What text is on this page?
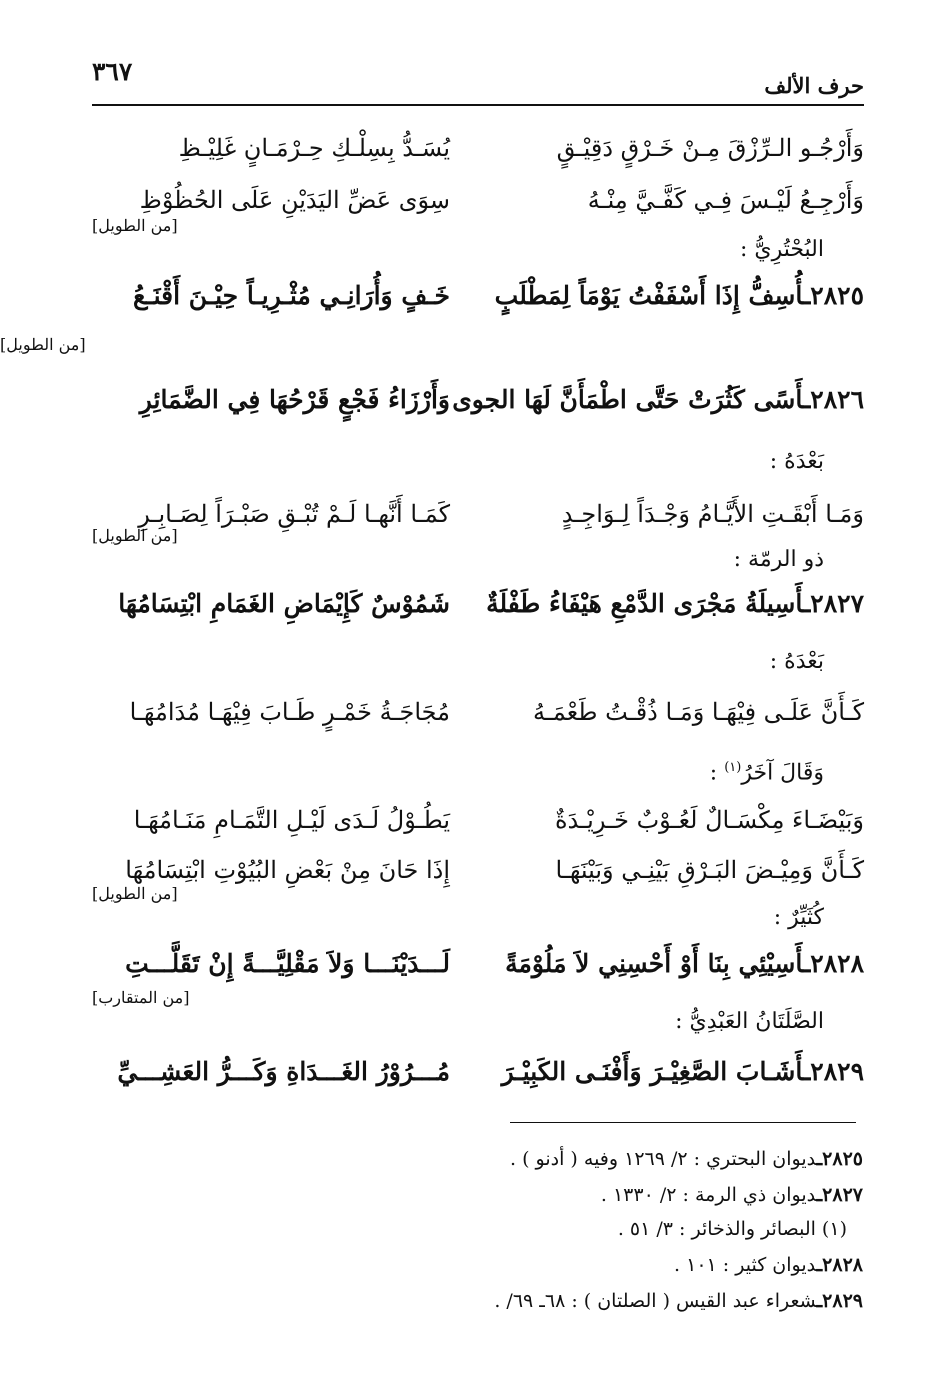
حرف الألف
٣٦٧
وَأَرْجُـو الـرِّزْقَ مِـنْ خَـرْقٍ دَقِيْـقٍ
يُسَـدُّ بِسِلْـكِ حِـرْمَـانٍ غَلِيْـظِ
وَأَرْجِـعُ لَيْـسَ فِـي كَفَّـيَّ مِنْـهُ
سِوَى عَضِّ اليَدَيْنِ عَلَى الحُظُوْظِ
البُحْتُرِيُّ :
[من الطويل]
٢٨٢٥ـأُسِفُّ إِذَا أَسْفَفْتُ يَوْمَاً لِمَطْلَبٍ
خَـفٍ وَأُرَانِـي مُثْـرِيـاً حِيْـنَ أَقْنَـعُ
[من الطويل]
٢٨٢٦ـأَسًى كَثُرَتْ حَتَّى اطْمَأَنَّ لَهَا الجوى
وَأَرْزَاءُ فَجْعٍ قَرْحُهَا فِي الضَّمَائِرِ
بَعْدَهُ :
وَمَـا أَبْقَـتِ الأَيَّـامُ وَجْـدَاً لِـوَاجِـدٍ
كَمَـا أَنَّهـا لَـمْ تُبْـقِ صَبْـرَاً لِصَـابِـرِ
ذو الرمّة :
[من الطويل]
٢٨٢٧ـأَسِيلَةُ مَجْرَى الدَّمْعِ هَيْفَاءُ طَفْلَةٌ
شَمُوْسٌ كَإِيْمَاضِ الغَمَامِ ابْتِسَامُهَا
بَعْدَهُ :
كَـأَنَّ عَلَـى فِيْهَـا وَمَـا ذُقْـتُ طَعْمَـهُ
مُجَاجَـةُ خَمْـرٍ طَـابَ فِيْهَـا مُدَامُهَـا
وَقَالَ آخَرُ$^{(١)}$ :
وَبَيْضَـاءَ مِكْسَـالٌ لَعُـوْبٌ خَـرِيْـدَةٌ
يَطُـوْلُ لَـدَى لَيْـلِ التَّمَـامِ مَنَـامُهَـا
كَـأَنَّ وَمِيْـضَ البَـرْقِ بَيْنِـي وَبَيْنَهَـا
إِذَا حَانَ مِنْ بَعْضِ البُيُوْتِ ابْتِسَامُهَا
كُثَيِّرٌ :
[من الطويل]
٢٨٢٨ـأَسِيْئِي بِنَا أَوْ أَحْسِنِي لاَ مَلُوْمَةً
لَـــدَيْنَـــا وَلاَ مَقْلِيَّـــةً إِنْ تَقَلَّـــتِ
الصَّلَتَانُ العَبْدِيُّ :
[من المتقارب]
٢٨٢٩ـأَشَـابَ الصَّغِيْـرَ وَأَفْنَـى الكَبِيْـرَ
مُـــرُوْرُ الغَـــدَاةِ وَكَـــرُّ العَشِـــيِّ
٢٨٢٥ـديوان البحتري : ٢/ ١٢٦٩ وفيه ( أدنو ) .
٢٨٢٧ـديوان ذي الرمة : ٢/ ١٣٣٠ .
(١) البصائر والذخائر : ٣/ ٥١ .
٢٨٢٨ـديوان كثير : ١٠١ .
٢٨٢٩ـشعراء عبد القيس ( الصلتان ) : ٦٨ـ ٦٩/ .
